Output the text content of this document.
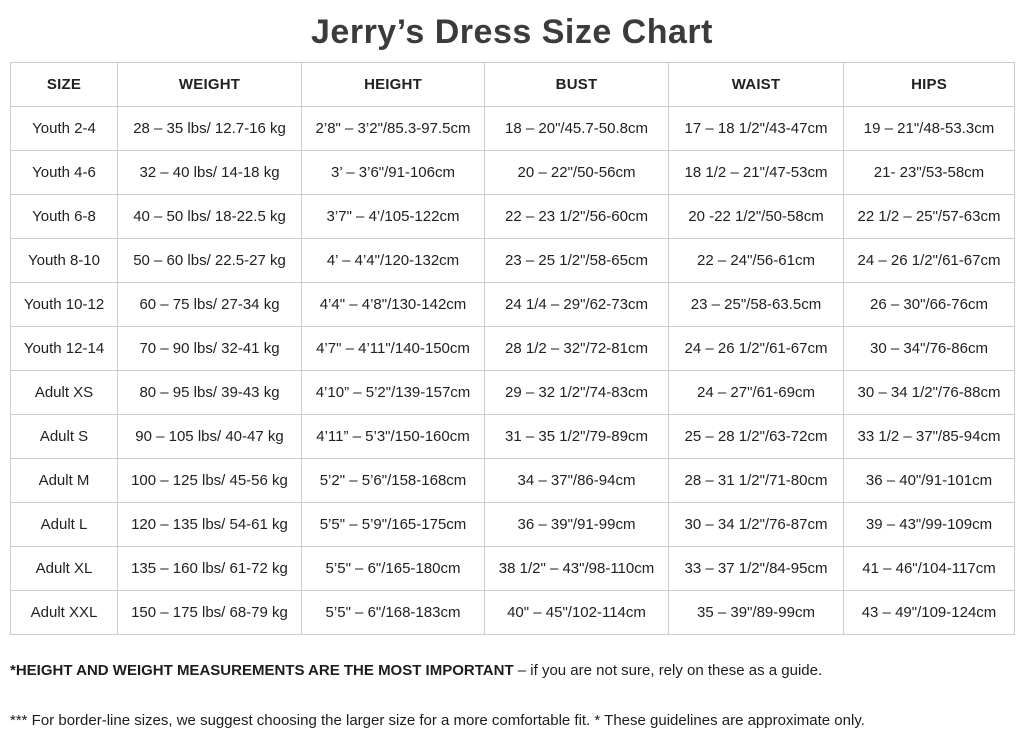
Jerry’s Dress Size Chart
SIZE	WEIGHT	HEIGHT	BUST	WAIST	HIPS
Youth 2-4	28 – 35 lbs/ 12.7-16 kg	2’8" – 3’2"/85.3-97.5cm	18 – 20"/45.7-50.8cm	17 – 18 1/2"/43-47cm	19 – 21"/48-53.3cm
Youth 4-6	32 – 40 lbs/ 14-18 kg	3’ – 3’6"/91-106cm	20 – 22"/50-56cm	18 1/2 – 21"/47-53cm	21- 23"/53-58cm
Youth 6-8	40 – 50 lbs/ 18-22.5 kg	3’7" – 4’/105-122cm	22 – 23 1/2"/56-60cm	20 -22 1/2"/50-58cm	22 1/2 – 25"/57-63cm
Youth 8-10	50 – 60 lbs/ 22.5-27 kg	4’ – 4’4"/120-132cm	23 – 25 1/2"/58-65cm	22 – 24"/56-61cm	24 – 26 1/2"/61-67cm
Youth 10-12	60 – 75 lbs/ 27-34 kg	4’4" – 4’8"/130-142cm	24 1/4 – 29"/62-73cm	23 – 25"/58-63.5cm	26 – 30"/66-76cm
Youth 12-14	70 – 90 lbs/ 32-41 kg	4’7" – 4’11"/140-150cm	28 1/2 – 32"/72-81cm	24 – 26 1/2"/61-67cm	30 – 34"/76-86cm
Adult XS	80 – 95 lbs/ 39-43 kg	4’10” – 5’2"/139-157cm	29 – 32 1/2"/74-83cm	24 – 27"/61-69cm	30 – 34 1/2"/76-88cm
Adult S	90 – 105 lbs/ 40-47 kg	4’11” – 5’3"/150-160cm	31 – 35 1/2"/79-89cm	25 – 28 1/2"/63-72cm	33 1/2 – 37"/85-94cm
Adult M	100 – 125 lbs/ 45-56 kg	5’2" – 5’6"/158-168cm	34 – 37"/86-94cm	28 – 31 1/2"/71-80cm	36 – 40"/91-101cm
Adult L	120 – 135 lbs/ 54-61 kg	5’5" – 5’9"/165-175cm	36 – 39"/91-99cm	30 – 34 1/2"/76-87cm	39 – 43"/99-109cm
Adult XL	135 – 160 lbs/ 61-72 kg	5’5" – 6"/165-180cm	38 1/2" – 43"/98-110cm	33 – 37 1/2"/84-95cm	41 – 46"/104-117cm
Adult XXL	150 – 175 lbs/ 68-79 kg	5’5" – 6"/168-183cm	40" – 45"/102-114cm	35 – 39"/89-99cm	43 – 49"/109-124cm

*HEIGHT AND WEIGHT MEASUREMENTS ARE THE MOST IMPORTANT – if you are not sure, rely on these as a guide.

*** For border-line sizes, we suggest choosing the larger size for a more comfortable fit. * These guidelines are approximate only.
